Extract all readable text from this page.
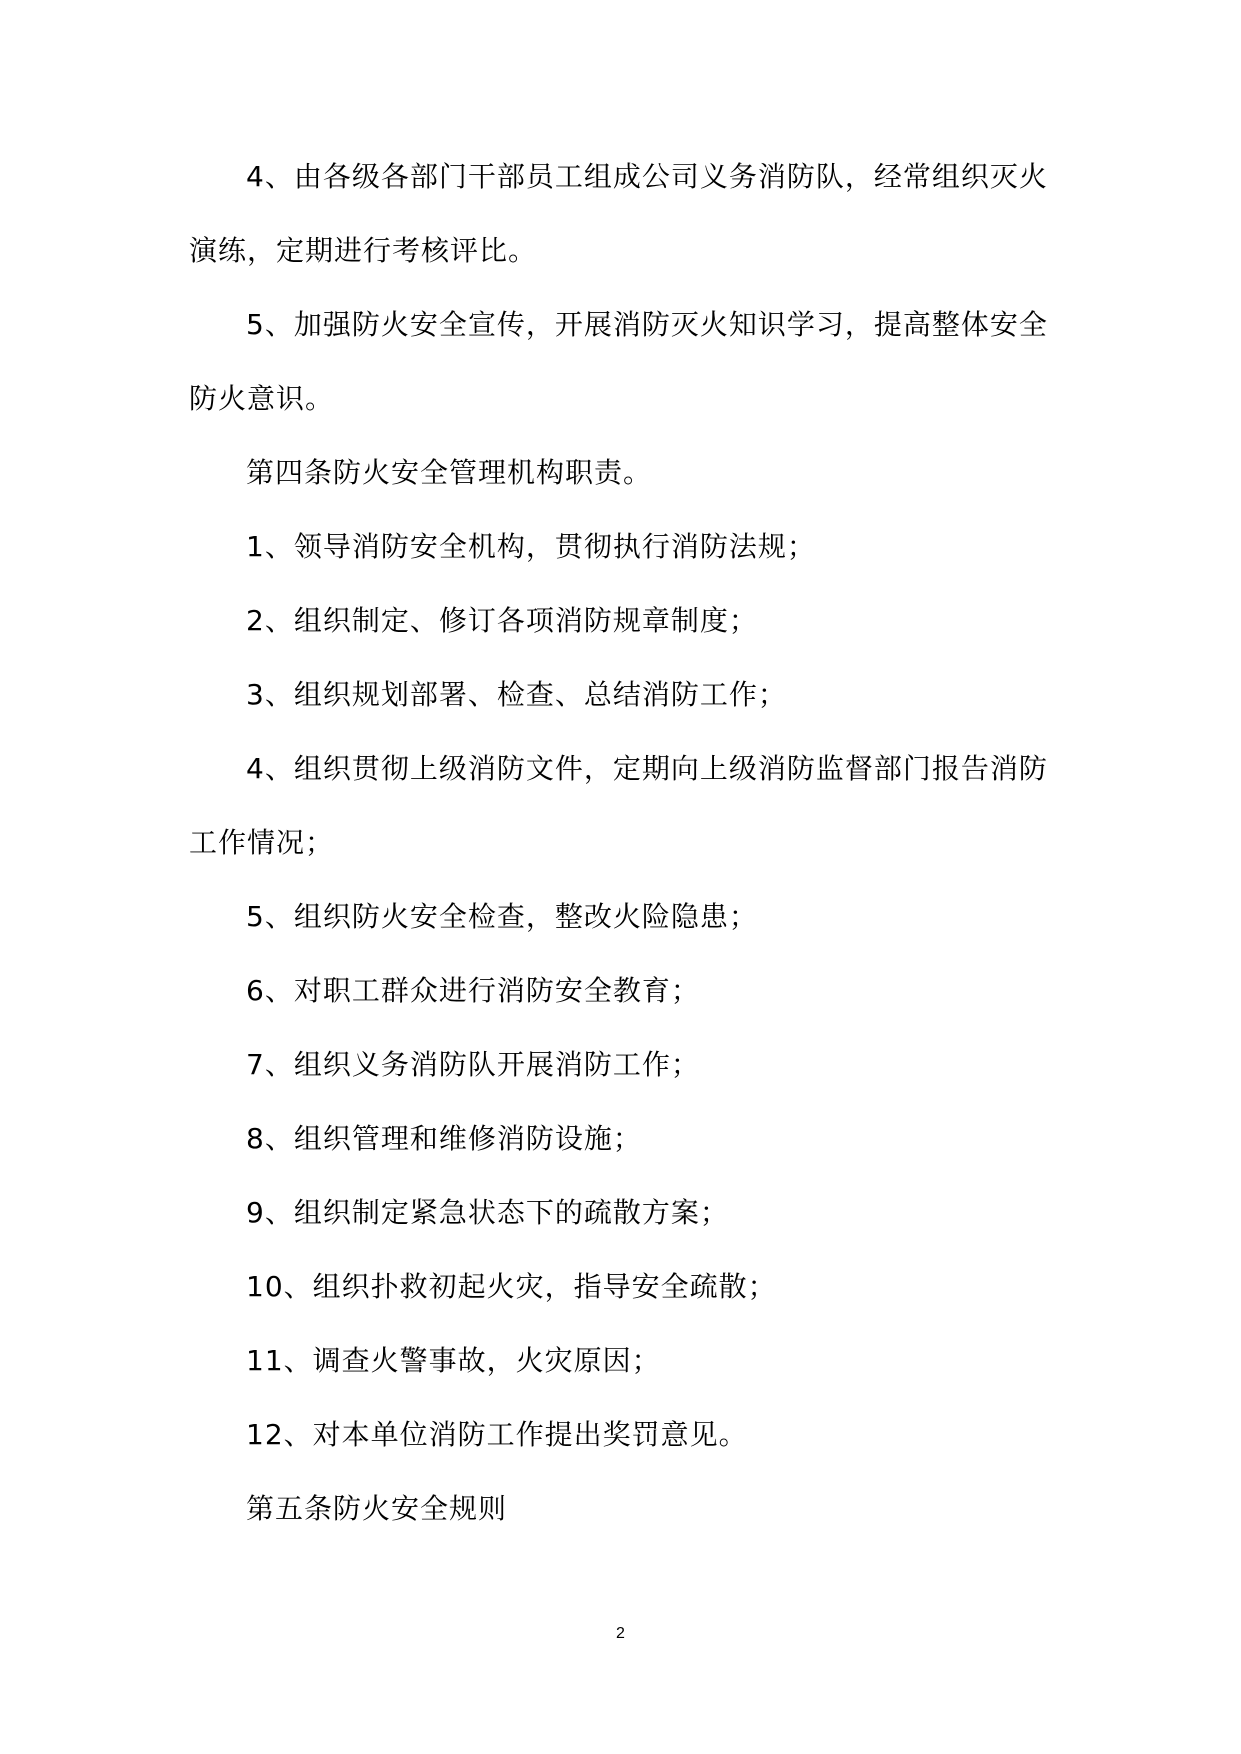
4、由各级各部门干部员工组成公司义务消防队，经常组织灭火

演练，定期进行考核评比。

5、加强防火安全宣传，开展消防灭火知识学习，提高整体安全

防火意识。

第四条防火安全管理机构职责。

1、领导消防安全机构，贯彻执行消防法规；

2、组织制定、修订各项消防规章制度；

3、组织规划部署、检查、总结消防工作；

4、组织贯彻上级消防文件，定期向上级消防监督部门报告消防

工作情况；

5、组织防火安全检查，整改火险隐患；

6、对职工群众进行消防安全教育；

7、组织义务消防队开展消防工作；

8、组织管理和维修消防设施；

9、组织制定紧急状态下的疏散方案；

10、组织扑救初起火灾，指导安全疏散；

11、调查火警事故，火灾原因；

12、对本单位消防工作提出奖罚意见。

第五条防火安全规则

2
